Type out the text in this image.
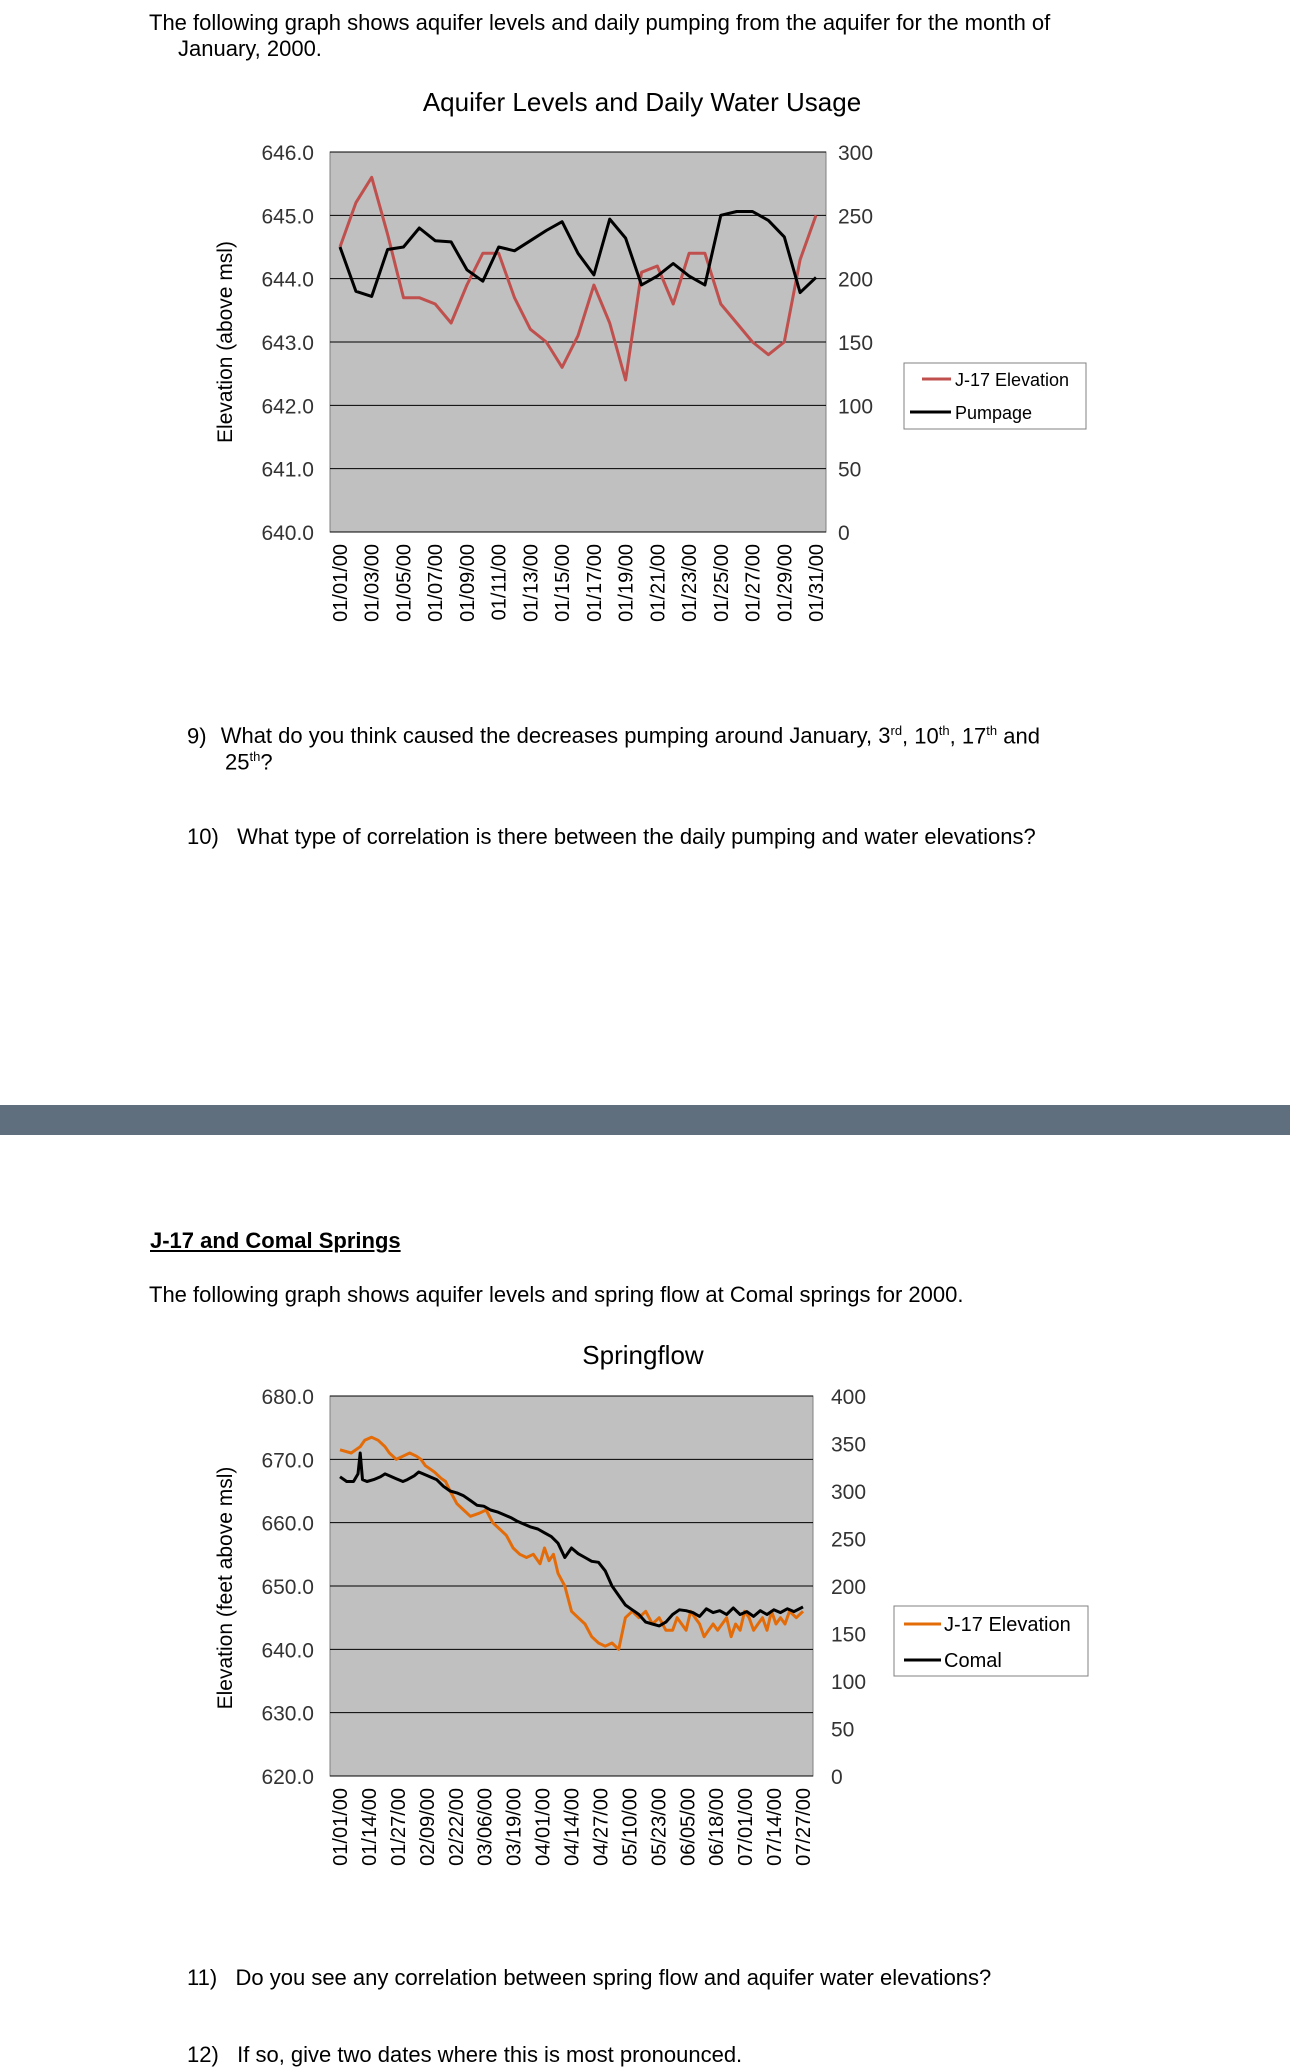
The following graph shows aquifer levels and daily pumping from the aquifer for the month of
January, 2000.
Aquifer Levels and Daily Water Usage
646.0
645.0
644.0
643.0
642.0
641.0
640.0
300
250
200
150
100
50
0
01/01/00 01/03/00 01/05/00 01/07/00 01/09/00 01/11/00 01/13/00 01/15/00 01/17/00 01/19/00 01/21/00 01/23/00 01/25/00 01/27/00 01/29/00 01/31/00
Elevation (above msl)	J-17 Elevation
Pumpage
9) What do you think caused the decreases pumping around January, 3rd, 10th, 17th and
25th?
10)   What type of correlation is there between the daily pumping and water elevations?
J-17 and Comal Springs
The following graph shows aquifer levels and spring flow at Comal springs for 2000.
Springflow
680.0
670.0
660.0
650.0
640.0
630.0
620.0
400
350
300
250
200
150
100
50
0
01/01/00 01/14/00 01/27/00 02/09/00 02/22/00 03/06/00 03/19/00 04/01/00 04/14/00 04/27/00 05/10/00 05/23/00 06/05/00 06/18/00 07/01/00 07/14/00 07/27/00
Elevation (feet above msl)	J-17 Elevation
Comal
11)   Do you see any correlation between spring flow and aquifer water elevations?
12)   If so, give two dates where this is most pronounced.
